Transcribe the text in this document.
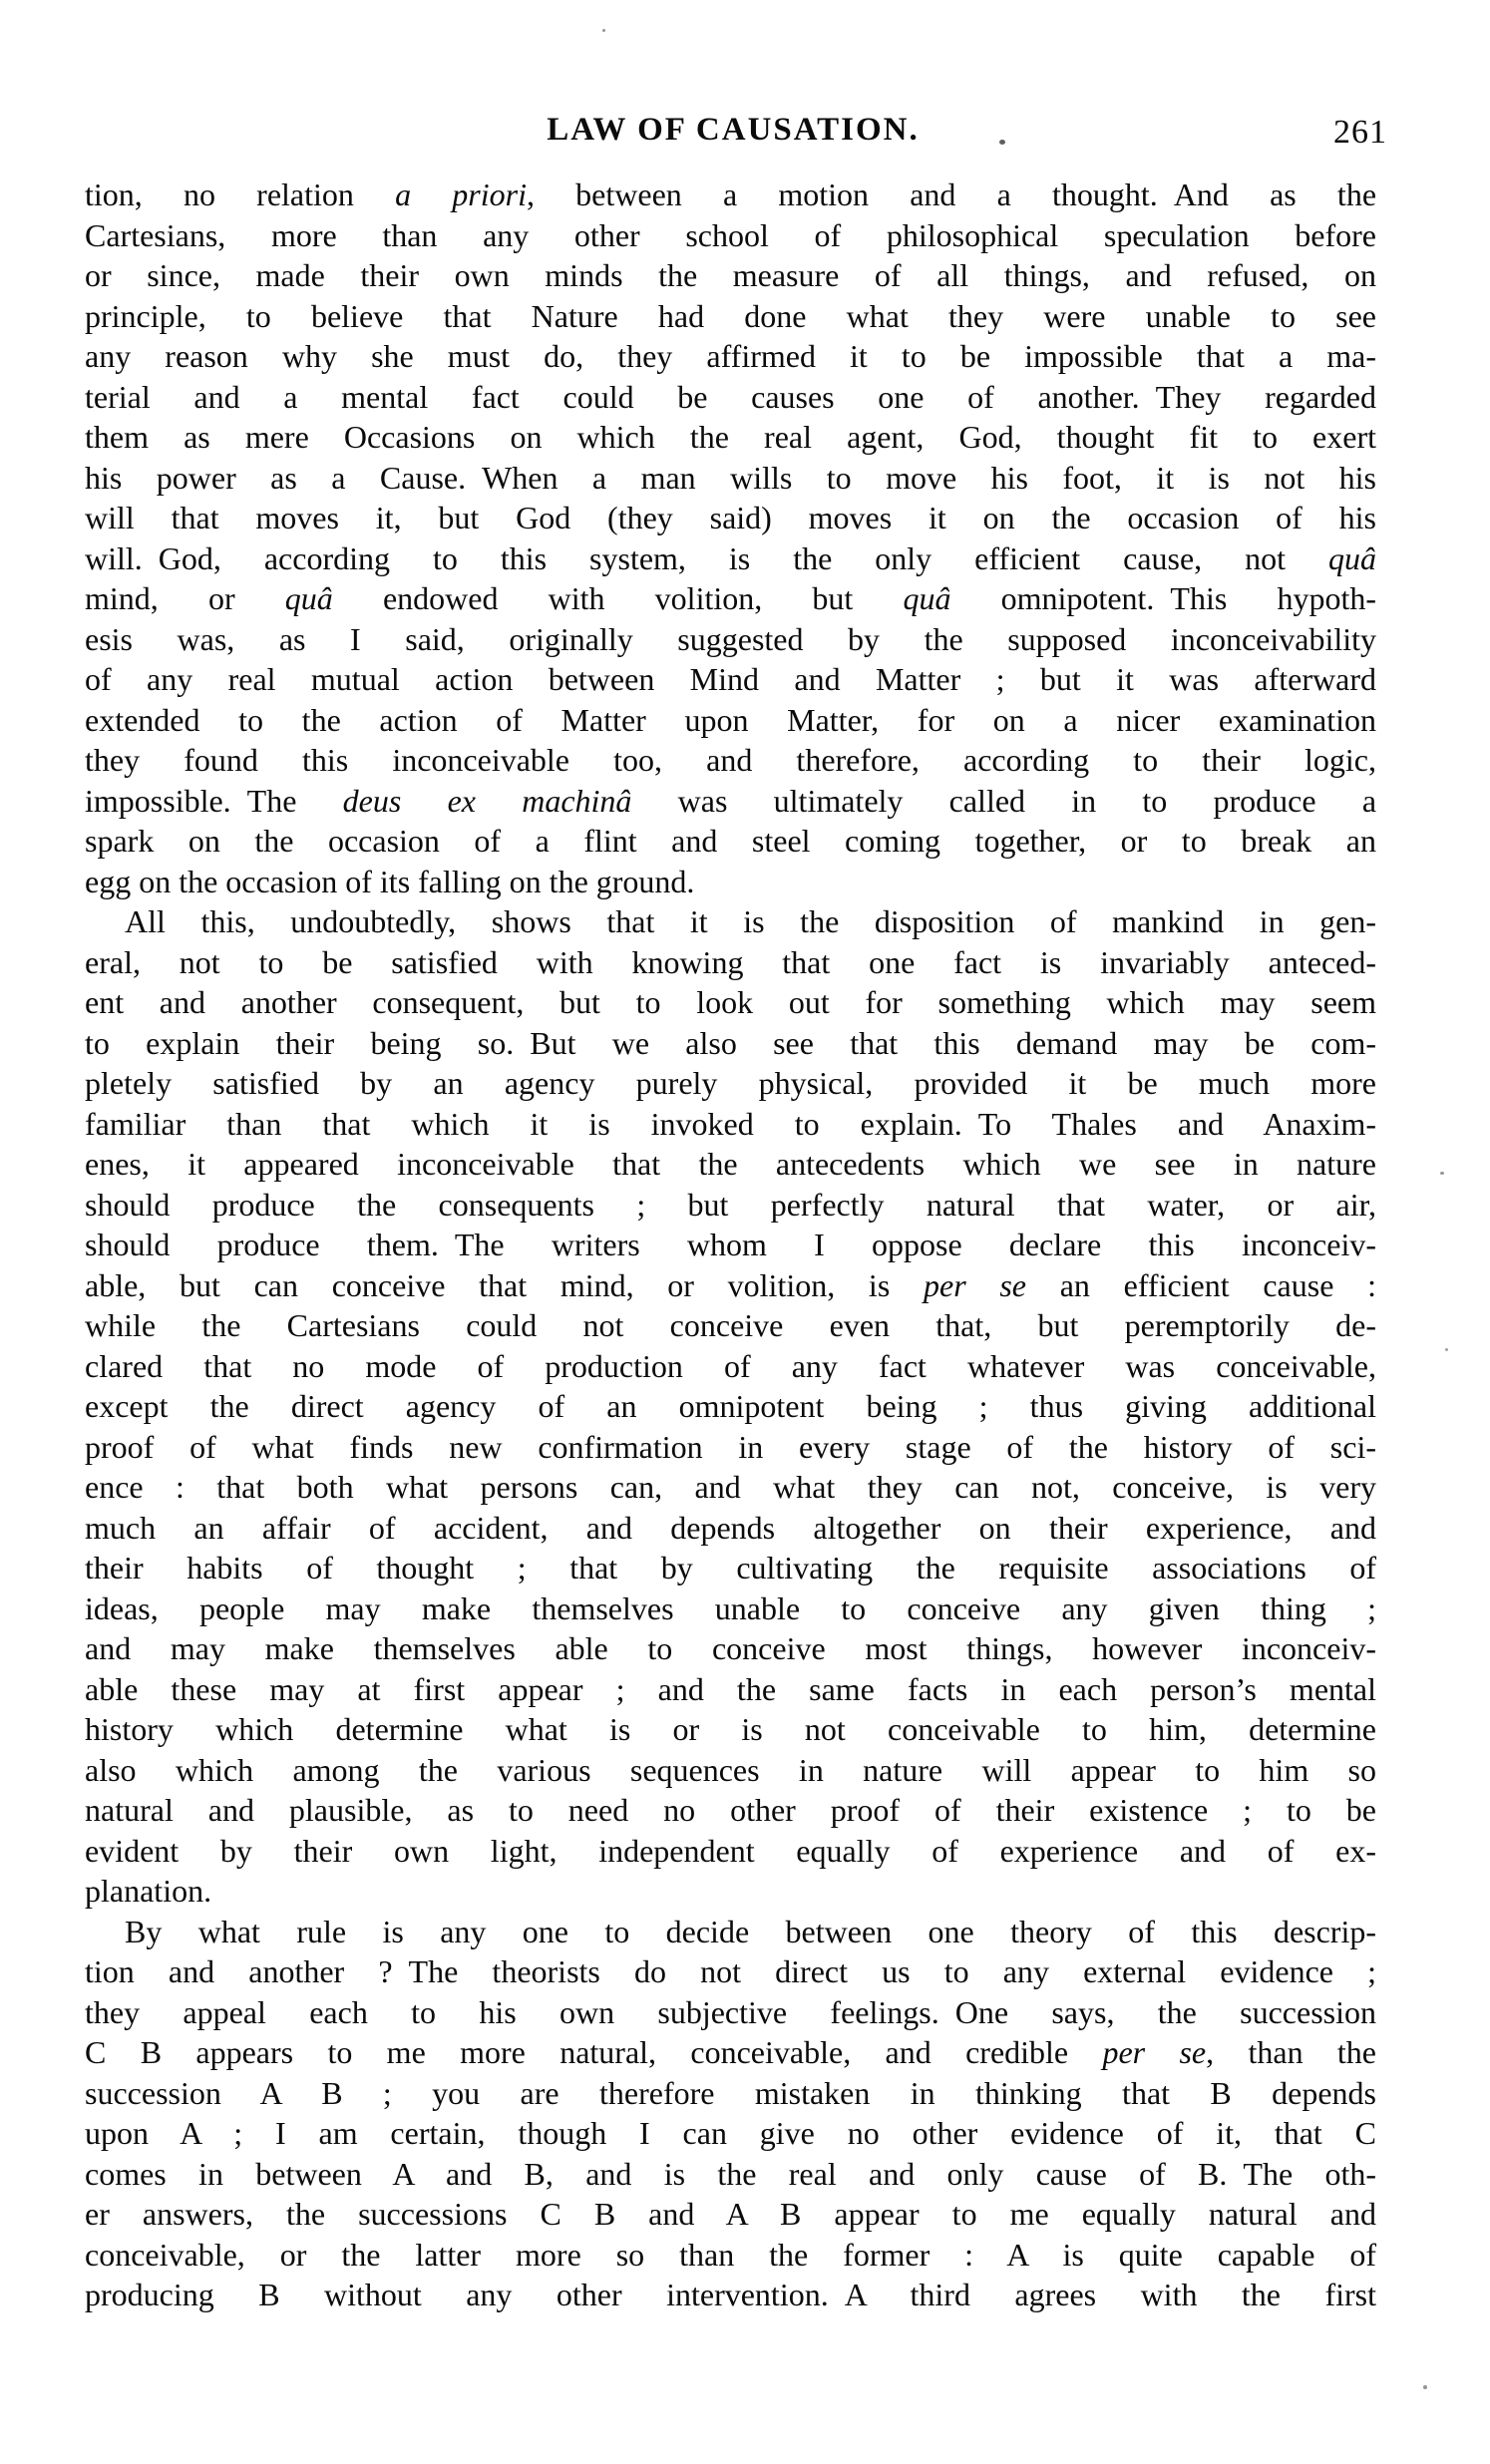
LAW OF CAUSATION.	261
tion, no relation a priori, between a motion and a thought. And as the
Cartesians, more than any other school of philosophical speculation before
or since, made their own minds the measure of all things, and refused, on
principle, to believe that Nature had done what they were unable to see
any reason why she must do, they affirmed it to be impossible that a ma-
terial and a mental fact could be causes one of another. They regarded
them as mere Occasions on which the real agent, God, thought fit to exert
his power as a Cause. When a man wills to move his foot, it is not his
will that moves it, but God (they said) moves it on the occasion of his
will. God, according to this system, is the only efficient cause, not quâ
mind, or quâ endowed with volition, but quâ omnipotent. This hypoth-
esis was, as I said, originally suggested by the supposed inconceivability
of any real mutual action between Mind and Matter ; but it was afterward
extended to the action of Matter upon Matter, for on a nicer examination
they found this inconceivable too, and therefore, according to their logic,
impossible. The deus ex machinâ was ultimately called in to produce a
spark on the occasion of a flint and steel coming together, or to break an
egg on the occasion of its falling on the ground.
All this, undoubtedly, shows that it is the disposition of mankind in gen-
eral, not to be satisfied with knowing that one fact is invariably anteced-
ent and another consequent, but to look out for something which may seem
to explain their being so. But we also see that this demand may be com-
pletely satisfied by an agency purely physical, provided it be much more
familiar than that which it is invoked to explain. To Thales and Anaxim-
enes, it appeared inconceivable that the antecedents which we see in nature
should produce the consequents ; but perfectly natural that water, or air,
should produce them. The writers whom I oppose declare this inconceiv-
able, but can conceive that mind, or volition, is per se an efficient cause :
while the Cartesians could not conceive even that, but peremptorily de-
clared that no mode of production of any fact whatever was conceivable,
except the direct agency of an omnipotent being ; thus giving additional
proof of what finds new confirmation in every stage of the history of sci-
ence : that both what persons can, and what they can not, conceive, is very
much an affair of accident, and depends altogether on their experience, and
their habits of thought ; that by cultivating the requisite associations of
ideas, people may make themselves unable to conceive any given thing ;
and may make themselves able to conceive most things, however inconceiv-
able these may at first appear ; and the same facts in each person’s mental
history which determine what is or is not conceivable to him, determine
also which among the various sequences in nature will appear to him so
natural and plausible, as to need no other proof of their existence ; to be
evident by their own light, independent equally of experience and of ex-
planation.
By what rule is any one to decide between one theory of this descrip-
tion and another ? The theorists do not direct us to any external evidence ;
they appeal each to his own subjective feelings. One says, the succession
C B appears to me more natural, conceivable, and credible per se, than the
succession A B ; you are therefore mistaken in thinking that B depends
upon A ; I am certain, though I can give no other evidence of it, that C
comes in between A and B, and is the real and only cause of B. The oth-
er answers, the successions C B and A B appear to me equally natural and
conceivable, or the latter more so than the former : A is quite capable of
producing B without any other intervention. A third agrees with the first
